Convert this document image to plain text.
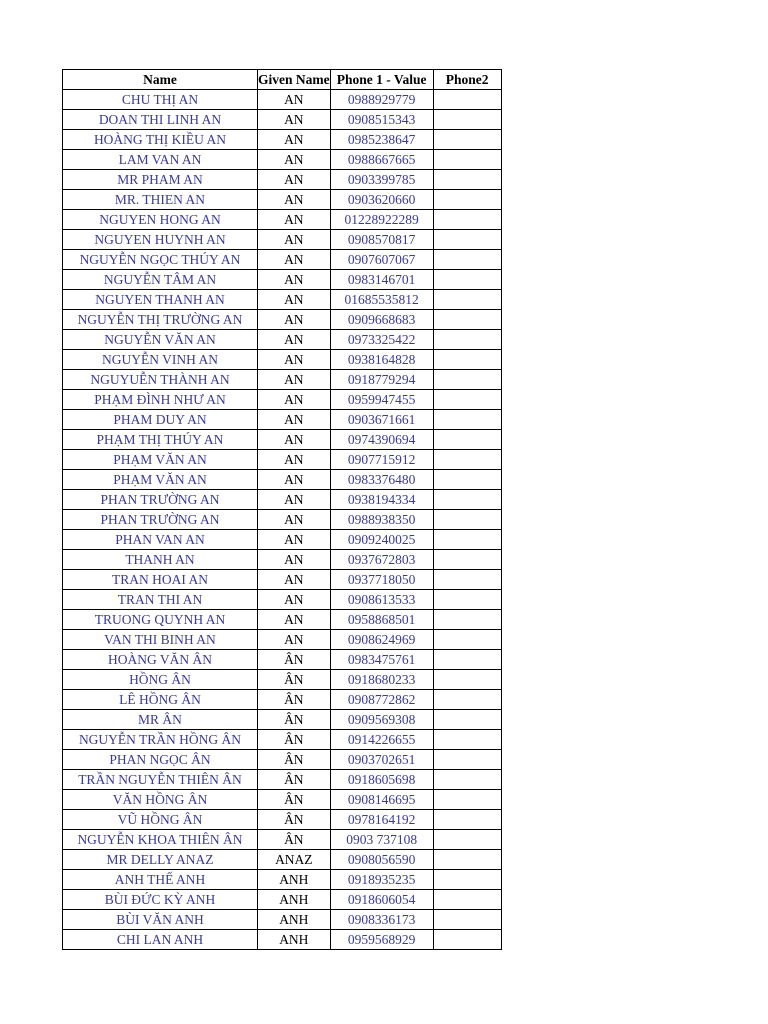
Name	Given Name	Phone 1 - Value	Phone2
CHU THỊ AN	AN	0988929779	
DOAN THI LINH AN	AN	0908515343	
HOÀNG THỊ KIỀU AN	AN	0985238647	
LAM VAN AN	AN	0988667665	
MR PHAM AN	AN	0903399785	
MR. THIEN AN	AN	0903620660	
NGUYEN HONG AN	AN	01228922289	
NGUYEN HUYNH AN	AN	0908570817	
NGUYỄN NGỌC THÚY AN	AN	0907607067	
NGUYỄN TÂM AN	AN	0983146701	
NGUYEN THANH AN	AN	01685535812	
NGUYỄN THỊ TRƯỜNG AN	AN	0909668683	
NGUYỄN VĂN AN	AN	0973325422	
NGUYỄN VINH AN	AN	0938164828	
NGUYUỄN THÀNH AN	AN	0918779294	
PHẠM ĐÌNH NHƯ AN	AN	0959947455	
PHAM DUY AN	AN	0903671661	
PHẠM THỊ THÚY AN	AN	0974390694	
PHẠM VĂN AN	AN	0907715912	
PHẠM VĂN AN	AN	0983376480	
PHAN TRƯỜNG AN	AN	0938194334	
PHAN TRƯỜNG AN	AN	0988938350	
PHAN VAN AN	AN	0909240025	
THANH AN	AN	0937672803	
TRAN HOAI AN	AN	0937718050	
TRAN THI AN	AN	0908613533	
TRUONG QUYNH AN	AN	0958868501	
VAN THI BINH AN	AN	0908624969	
HOÀNG VĂN ÂN	ÂN	0983475761	
HỒNG ÂN	ÂN	0918680233	
LÊ HỒNG ÂN	ÂN	0908772862	
MR ÂN	ÂN	0909569308	
NGUYỄN TRẦN HỒNG ÂN	ÂN	0914226655	
PHAN NGỌC ÂN	ÂN	0903702651	
TRẦN NGUYỄN THIÊN ÂN	ÂN	0918605698	
VĂN HỒNG ÂN	ÂN	0908146695	
VŨ HỒNG ÂN	ÂN	0978164192	
NGUYỄN KHOA THIÊN ÂN	ÂN	0903 737108	
MR DELLY ANAZ	ANAZ	0908056590	
ANH THẾ ANH	ANH	0918935235	
BÙI ĐỨC KỲ ANH	ANH	0918606054	
BÙI VĂN ANH	ANH	0908336173	
CHI LAN ANH	ANH	0959568929	
